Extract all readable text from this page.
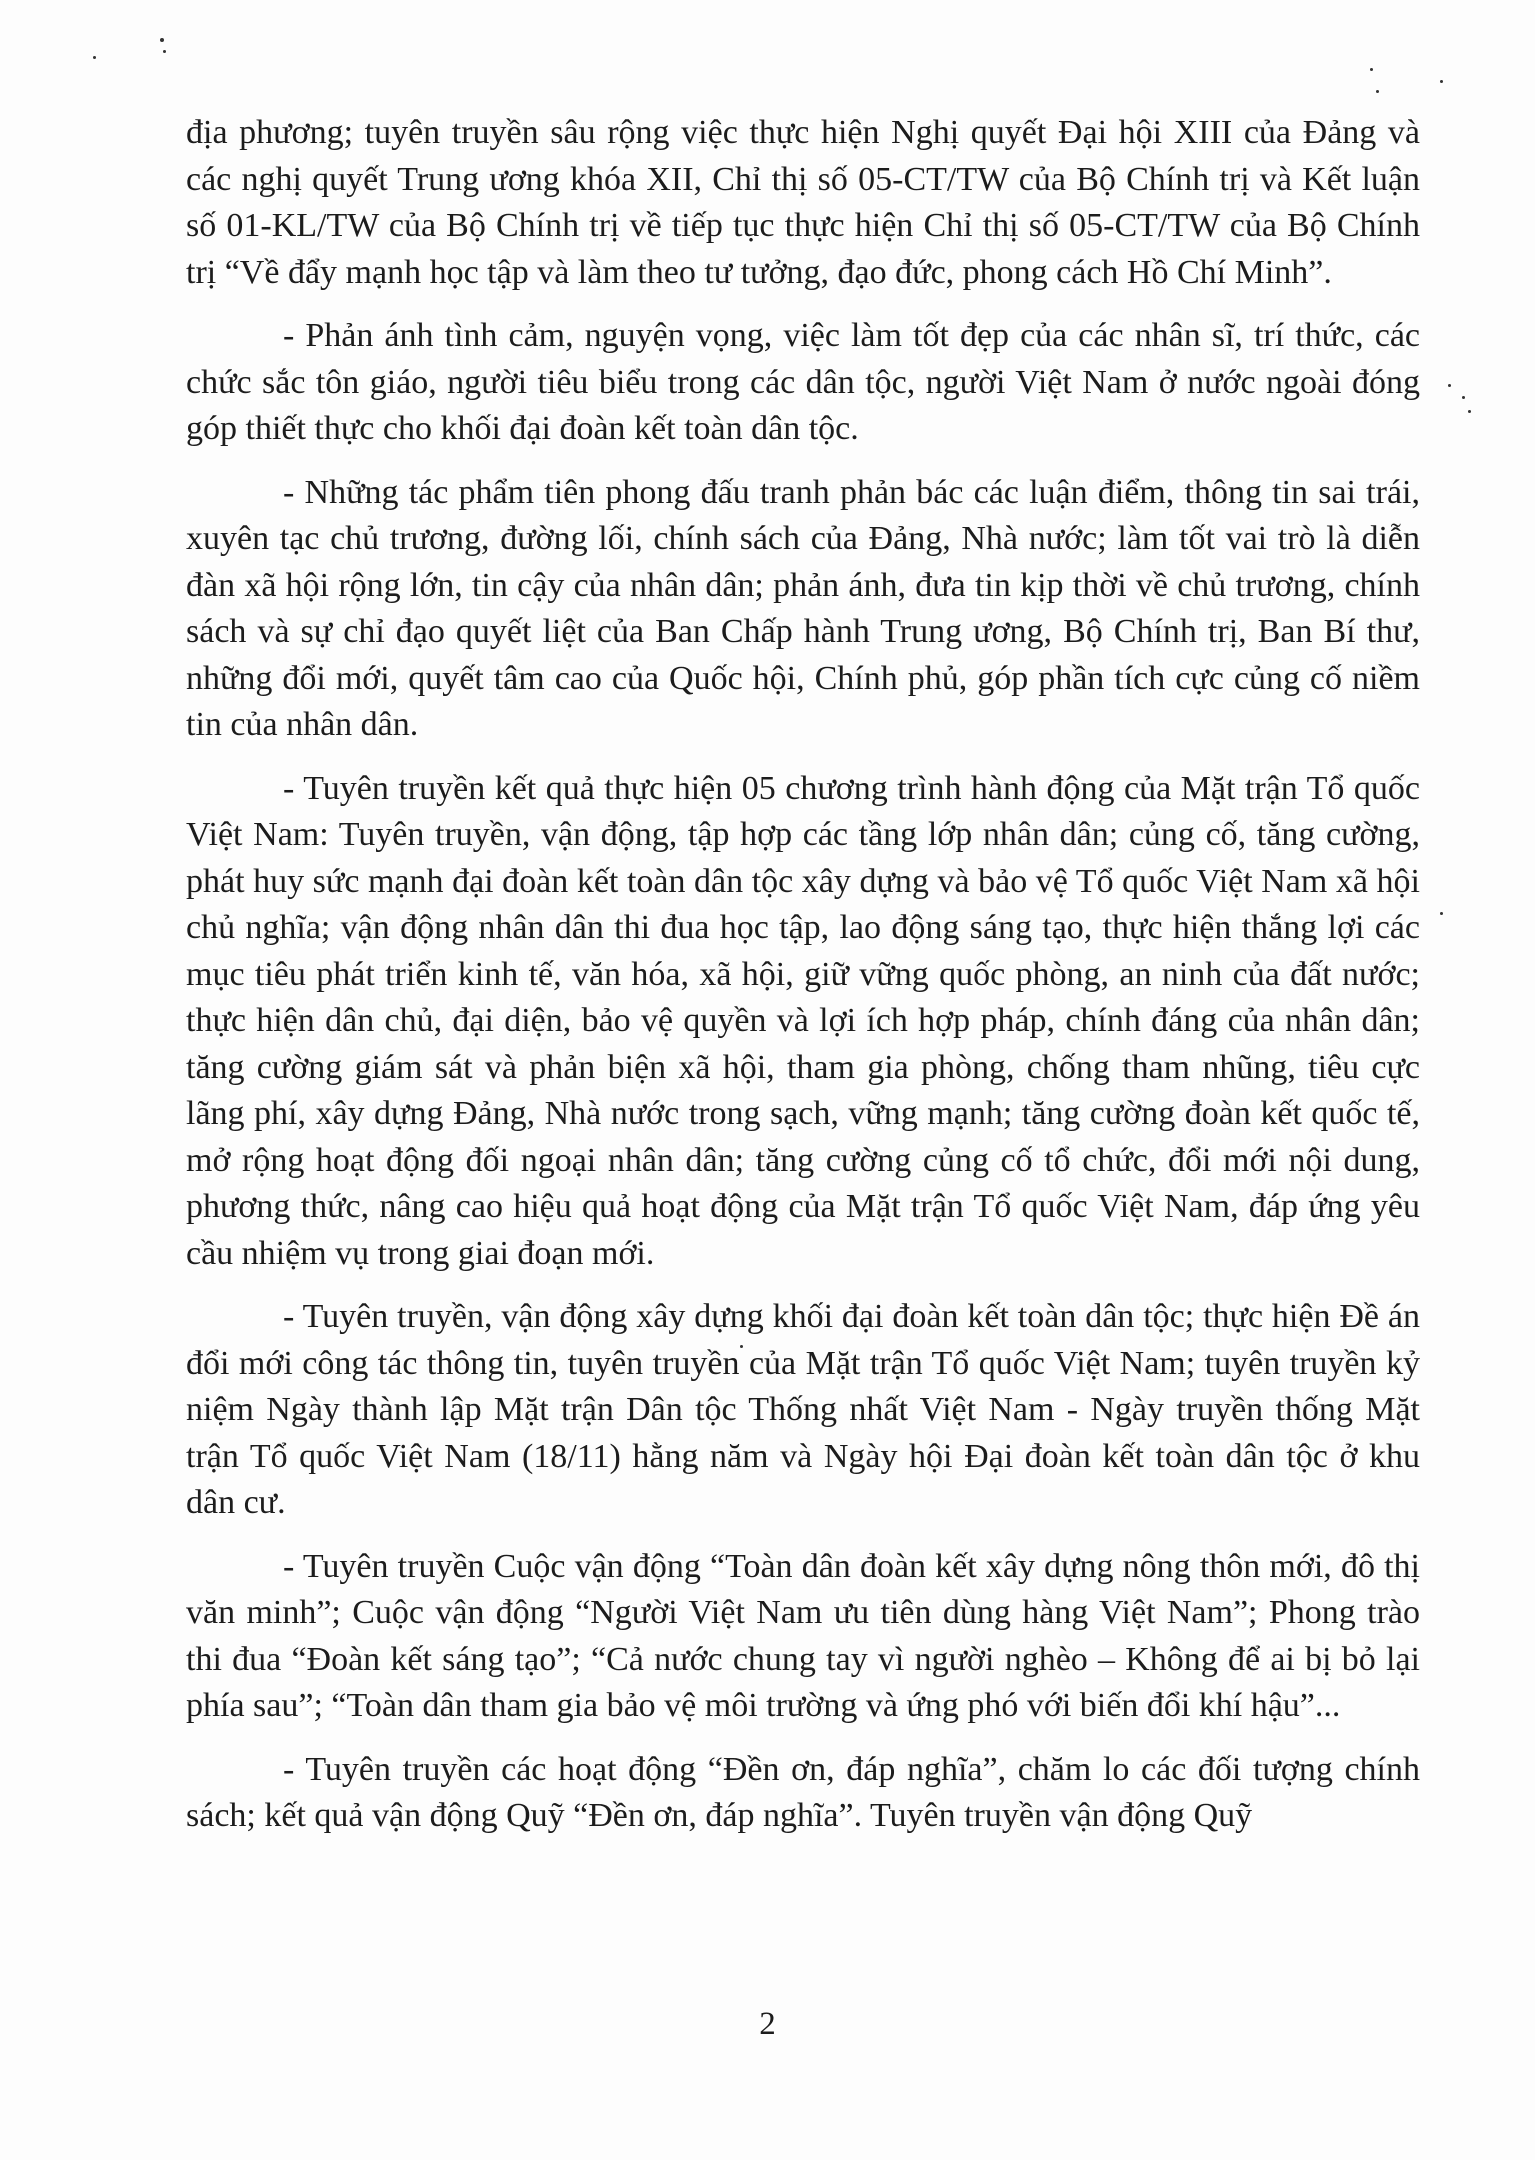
địa phương; tuyên truyền sâu rộng việc thực hiện Nghị quyết Đại hội XIII của Đảng và các nghị quyết Trung ương khóa XII, Chỉ thị số 05-CT/TW của Bộ Chính trị và Kết luận số 01-KL/TW của Bộ Chính trị về tiếp tục thực hiện Chỉ thị số 05-CT/TW của Bộ Chính trị “Về đẩy mạnh học tập và làm theo tư tưởng, đạo đức, phong cách Hồ Chí Minh”.

- Phản ánh tình cảm, nguyện vọng, việc làm tốt đẹp của các nhân sĩ, trí thức, các chức sắc tôn giáo, người tiêu biểu trong các dân tộc, người Việt Nam ở nước ngoài đóng góp thiết thực cho khối đại đoàn kết toàn dân tộc.

- Những tác phẩm tiên phong đấu tranh phản bác các luận điểm, thông tin sai trái, xuyên tạc chủ trương, đường lối, chính sách của Đảng, Nhà nước; làm tốt vai trò là diễn đàn xã hội rộng lớn, tin cậy của nhân dân; phản ánh, đưa tin kịp thời về chủ trương, chính sách và sự chỉ đạo quyết liệt của Ban Chấp hành Trung ương, Bộ Chính trị, Ban Bí thư, những đổi mới, quyết tâm cao của Quốc hội, Chính phủ, góp phần tích cực củng cố niềm tin của nhân dân.

- Tuyên truyền kết quả thực hiện 05 chương trình hành động của Mặt trận Tổ quốc Việt Nam: Tuyên truyền, vận động, tập hợp các tầng lớp nhân dân; củng cố, tăng cường, phát huy sức mạnh đại đoàn kết toàn dân tộc xây dựng và bảo vệ Tổ quốc Việt Nam xã hội chủ nghĩa; vận động nhân dân thi đua học tập, lao động sáng tạo, thực hiện thắng lợi các mục tiêu phát triển kinh tế, văn hóa, xã hội, giữ vững quốc phòng, an ninh của đất nước; thực hiện dân chủ, đại diện, bảo vệ quyền và lợi ích hợp pháp, chính đáng của nhân dân; tăng cường giám sát và phản biện xã hội, tham gia phòng, chống tham nhũng, tiêu cực lãng phí, xây dựng Đảng, Nhà nước trong sạch, vững mạnh; tăng cường đoàn kết quốc tế, mở rộng hoạt động đối ngoại nhân dân; tăng cường củng cố tổ chức, đổi mới nội dung, phương thức, nâng cao hiệu quả hoạt động của Mặt trận Tổ quốc Việt Nam, đáp ứng yêu cầu nhiệm vụ trong giai đoạn mới.

- Tuyên truyền, vận động xây dựng khối đại đoàn kết toàn dân tộc; thực hiện Đề án đổi mới công tác thông tin, tuyên truyền của Mặt trận Tổ quốc Việt Nam; tuyên truyền kỷ niệm Ngày thành lập Mặt trận Dân tộc Thống nhất Việt Nam - Ngày truyền thống Mặt trận Tổ quốc Việt Nam (18/11) hằng năm và Ngày hội Đại đoàn kết toàn dân tộc ở khu dân cư.

- Tuyên truyền Cuộc vận động “Toàn dân đoàn kết xây dựng nông thôn mới, đô thị văn minh”; Cuộc vận động “Người Việt Nam ưu tiên dùng hàng Việt Nam”; Phong trào thi đua “Đoàn kết sáng tạo”; “Cả nước chung tay vì người nghèo – Không để ai bị bỏ lại phía sau”; “Toàn dân tham gia bảo vệ môi trường và ứng phó với biến đổi khí hậu”...

- Tuyên truyền các hoạt động “Đền ơn, đáp nghĩa”, chăm lo các đối tượng chính sách; kết quả vận động Quỹ “Đền ơn, đáp nghĩa”. Tuyên truyền vận động Quỹ

2
